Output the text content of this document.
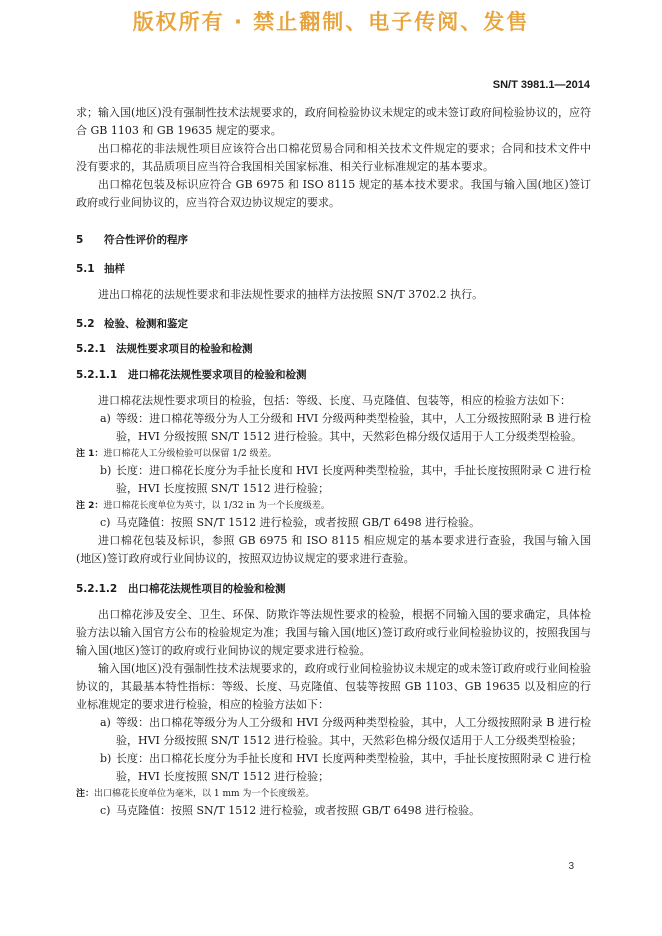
版权所有 · 禁止翻制、电子传阅、发售
SN/T 3981.1—2014

求；输入国(地区)没有强制性技术法规要求的，政府间检验协议未规定的或未签订政府间检验协议的，应符合 GB 1103 和 GB 19635 规定的要求。

出口棉花的非法规性项目应该符合出口棉花贸易合同和相关技术文件规定的要求；合同和技术文件中没有要求的，其品质项目应当符合我国相关国家标准、相关行业标准规定的基本要求。

出口棉花包装及标识应符合 GB 6975 和 ISO 8115 规定的基本技术要求。我国与输入国(地区)签订政府或行业间协议的，应当符合双边协议规定的要求。

5 符合性评价的程序

5.1 抽样

进出口棉花的法规性要求和非法规性要求的抽样方法按照 SN/T 3702.2 执行。

5.2 检验、检测和鉴定

5.2.1 法规性要求项目的检验和检测

5.2.1.1 进口棉花法规性要求项目的检验和检测

进口棉花法规性要求项目的检验，包括：等级、长度、马克隆值、包装等，相应的检验方法如下：

a) 等级：进口棉花等级分为人工分级和 HVI 分级两种类型检验，其中，人工分级按照附录 B 进行检验，HVI 分级按照 SN/T 1512 进行检验。其中，天然彩色棉分级仅适用于人工分级类型检验。

注 1：进口棉花人工分级检验可以保留 1/2 级差。

b) 长度：进口棉花长度分为手扯长度和 HVI 长度两种类型检验，其中，手扯长度按照附录 C 进行检验，HVI 长度按照 SN/T 1512 进行检验；

注 2：进口棉花长度单位为英寸，以 1/32 in 为一个长度级差。

c) 马克隆值：按照 SN/T 1512 进行检验，或者按照 GB/T 6498 进行检验。

进口棉花包装及标识，参照 GB 6975 和 ISO 8115 相应规定的基本要求进行查验，我国与输入国(地区)签订政府或行业间协议的，按照双边协议规定的要求进行查验。

5.2.1.2 出口棉花法规性项目的检验和检测

出口棉花涉及安全、卫生、环保、防欺诈等法规性要求的检验，根据不同输入国的要求确定，具体检验方法以输入国官方公布的检验规定为准；我国与输入国(地区)签订政府或行业间检验协议的，按照我国与输入国(地区)签订的政府或行业间协议的规定要求进行检验。

输入国(地区)没有强制性技术法规要求的，政府或行业间检验协议未规定的或未签订政府或行业间检验协议的，其最基本特性指标：等级、长度、马克隆值、包装等按照 GB 1103、GB 19635 以及相应的行业标准规定的要求进行检验，相应的检验方法如下：

a) 等级：出口棉花等级分为人工分级和 HVI 分级两种类型检验，其中，人工分级按照附录 B 进行检验，HVI 分级按照 SN/T 1512 进行检验。其中，天然彩色棉分级仅适用于人工分级类型检验；

b) 长度：出口棉花长度分为手扯长度和 HVI 长度两种类型检验，其中，手扯长度按照附录 C 进行检验，HVI 长度按照 SN/T 1512 进行检验；

注：出口棉花长度单位为毫米，以 1 mm 为一个长度级差。

c) 马克隆值：按照 SN/T 1512 进行检验，或者按照 GB/T 6498 进行检验。

3
